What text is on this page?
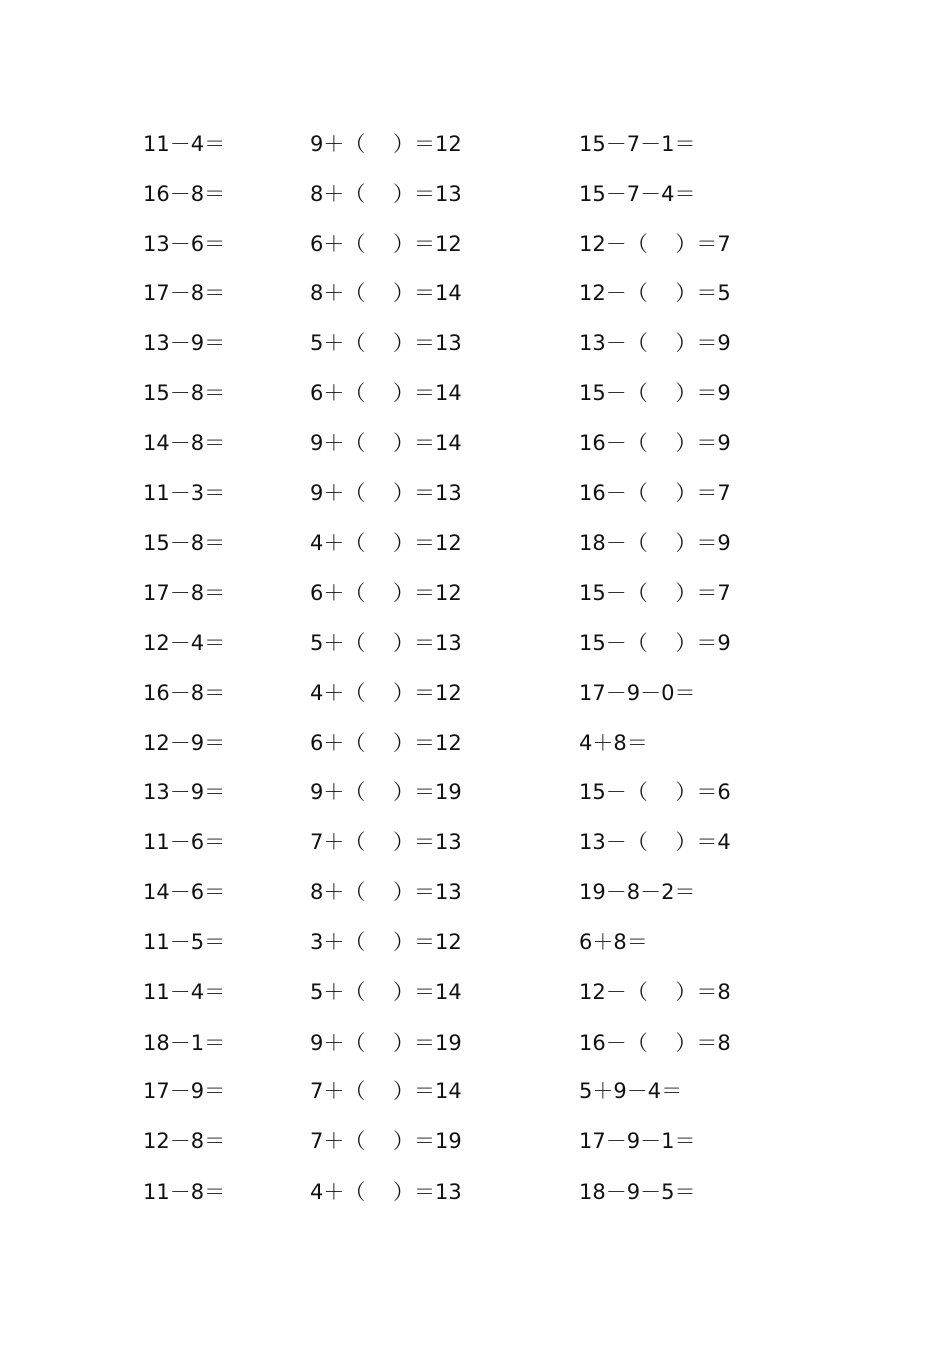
11－4＝	9＋（　 ）＝12	15－7－1＝
16－8＝	8＋（　 ）＝13	15－7－4＝
13－6＝	6＋（　 ）＝12	12－（　 ）＝7
17－8＝	8＋（　 ）＝14	12－（　 ）＝5
13－9＝	5＋（　 ）＝13	13－（　 ）＝9
15－8＝	6＋（　 ）＝14	15－（　 ）＝9
14－8＝	9＋（　 ）＝14	16－（　 ）＝9
11－3＝	9＋（　 ）＝13	16－（　 ）＝7
15－8＝	4＋（　 ）＝12	18－（　 ）＝9
17－8＝	6＋（　 ）＝12	15－（　 ）＝7
12－4＝	5＋（　 ）＝13	15－（　 ）＝9
16－8＝	4＋（　 ）＝12	17－9－0＝
12－9＝	6＋（　 ）＝12	4＋8＝
13－9＝	9＋（　 ）＝19	15－（　 ）＝6
11－6＝	7＋（　 ）＝13	13－（　 ）＝4
14－6＝	8＋（　 ）＝13	19－8－2＝
11－5＝	3＋（　 ）＝12	6＋8＝
11－4＝	5＋（　 ）＝14	12－（　 ）＝8
18－1＝	9＋（　 ）＝19	16－（　 ）＝8
17－9＝	7＋（　 ）＝14	5＋9－4＝
12－8＝	7＋（　 ）＝19	17－9－1＝
11－8＝	4＋（　 ）＝13	18－9－5＝
